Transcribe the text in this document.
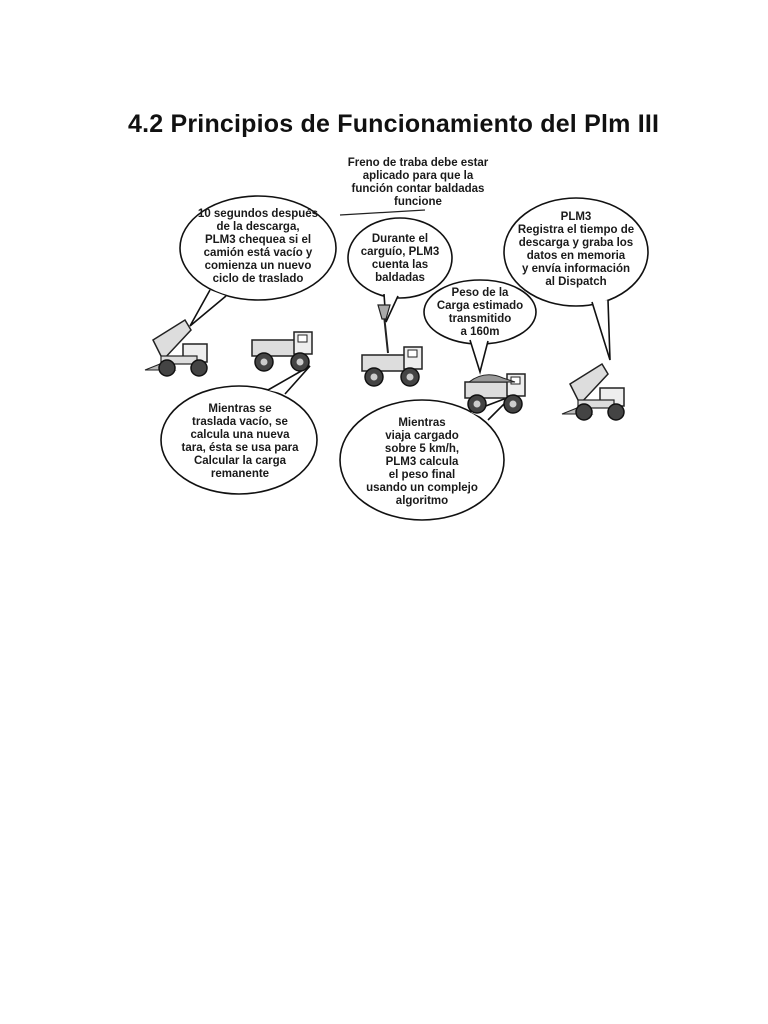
4.2 Principios de Funcionamiento del Plm III
Freno de traba debe estar
aplicado para que la
función contar baldadas
funcione
10 segundos después
de la descarga,
PLM3 chequea si el
camión está vacío y
comienza un nuevo
ciclo de traslado
Durante el
carguío, PLM3
cuenta las
baldadas
PLM3
Registra el tiempo de
descarga y graba los
datos en memoria
y envía información
al Dispatch
Peso de la
Carga estimado
transmitido
a 160m
Mientras se
traslada vacío, se
calcula una nueva
tara, ésta se usa para
Calcular la carga
remanente
Mientras
viaja cargado
sobre 5 km/h,
PLM3 calcula
el peso final
usando un complejo
algoritmo
